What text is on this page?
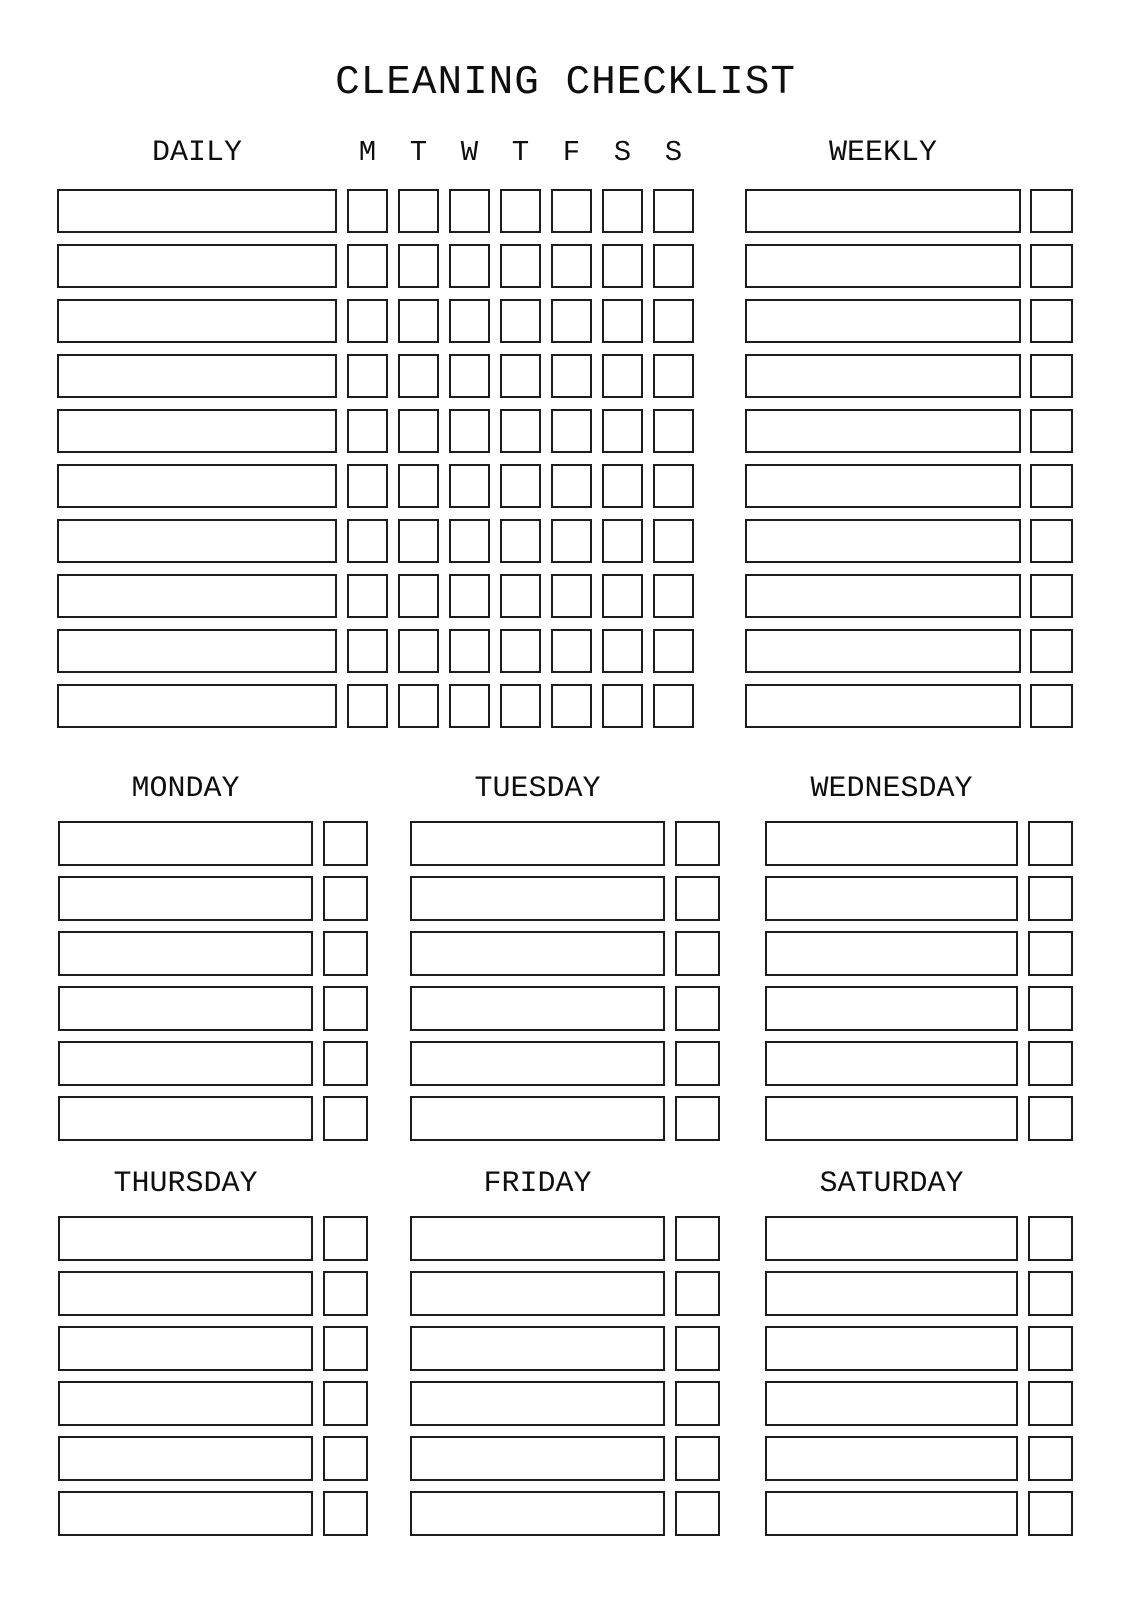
CLEANING CHECKLIST
DAILY	M	T	W	T	F	S	S	WEEKLY
MONDAY	TUESDAY	WEDNESDAY
THURSDAY	FRIDAY	SATURDAY
